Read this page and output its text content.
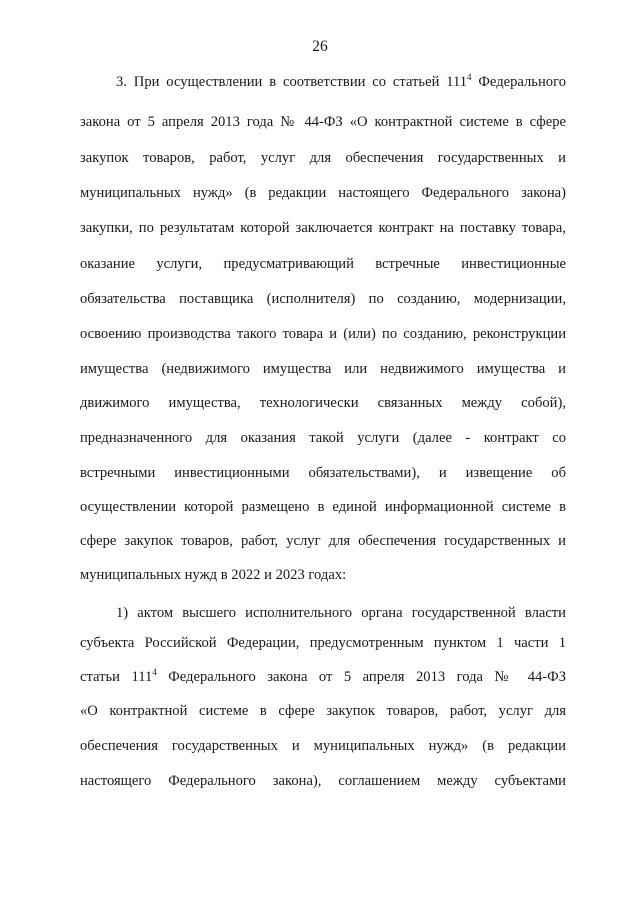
26
3. При осуществлении в соответствии со статьей $111^4$ Федерального
закона от 5 апреля 2013 года № 44-ФЗ «О контрактной системе в сфере
закупок товаров, работ, услуг для обеспечения государственных и
муниципальных нужд» (в редакции настоящего Федерального закона)
закупки, по результатам которой заключается контракт на поставку товара,
оказание услуги, предусматривающий встречные инвестиционные
обязательства поставщика (исполнителя) по созданию, модернизации,
освоению производства такого товара и (или) по созданию, реконструкции
имущества (недвижимого имущества или недвижимого имущества и
движимого имущества, технологически связанных между собой),
предназначенного для оказания такой услуги (далее - контракт со
встречными инвестиционными обязательствами), и извещение об
осуществлении которой размещено в единой информационной системе в
сфере закупок товаров, работ, услуг для обеспечения государственных и
муниципальных нужд в 2022 и 2023 годах:
1) актом высшего исполнительного органа государственной власти
субъекта Российской Федерации, предусмотренным пунктом 1 части 1
статьи $111^4$ Федерального закона от 5 апреля 2013 года № 44-ФЗ
«О контрактной системе в сфере закупок товаров, работ, услуг для
обеспечения государственных и муниципальных нужд» (в редакции
настоящего Федерального закона), соглашением между субъектами
